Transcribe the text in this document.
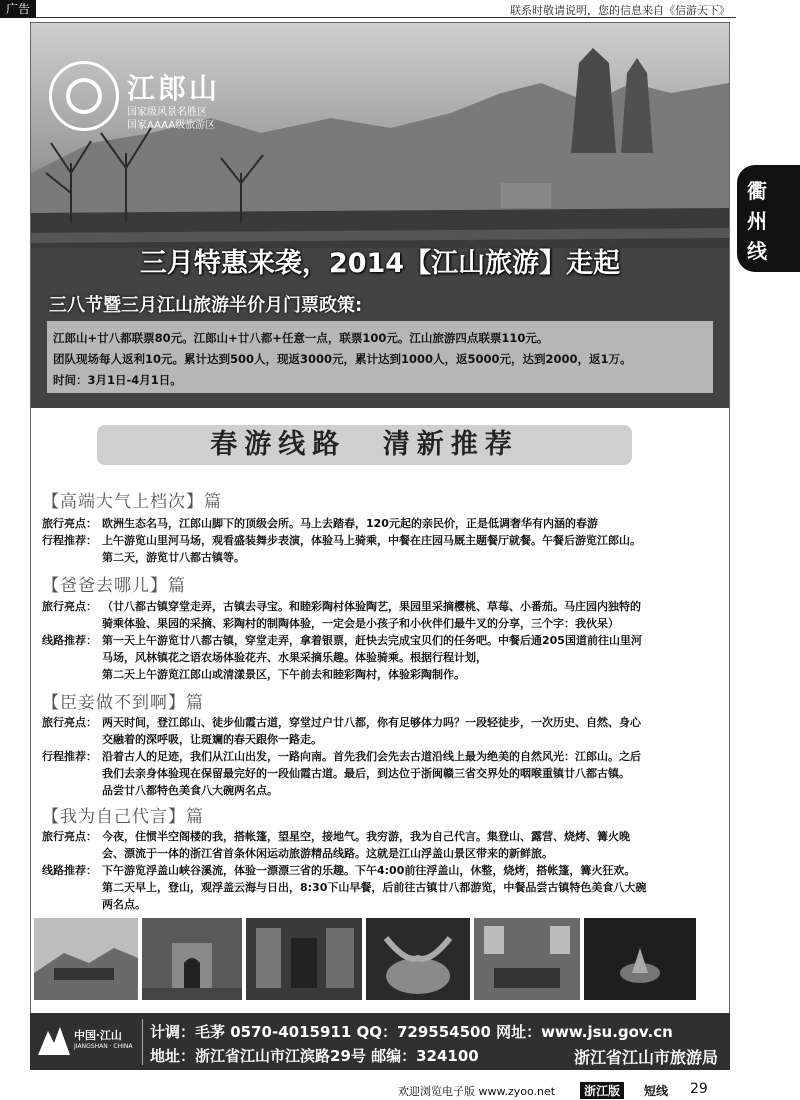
广告	联系时敬请说明，您的信息来自《信游天下》
衢
州
线
江郎山
国家级风景名胜区
国家AAAA级旅游区
三月特惠来袭，2014【江山旅游】走起
三八节暨三月江山旅游半价月门票政策:
江郎山+廿八都联票80元。江郎山+廿八都+任意一点，联票100元。江山旅游四点联票110元。
团队现场每人返利10元。累计达到500人，现返3000元，累计达到1000人，返5000元，达到2000，返1万。
时间：3月1日-4月1日。
春游线路 清新推荐
【高端大气上档次】篇
旅行亮点： 欧洲生态名马，江郎山脚下的顶级会所。马上去踏春，120元起的亲民价，正是低调奢华有内涵的春游
行程推荐： 上午游览山里河马场，观看盛装舞步表演，体验马上骑乘，中餐在庄园马厩主题餐厅就餐。午餐后游览江郎山。
第二天，游览廿八都古镇等。
【爸爸去哪儿】篇
旅行亮点： （廿八都古镇穿堂走弄，古镇去寻宝。和睦彩陶村体验陶艺，果园里采摘樱桃、草莓、小番茄。马庄园内独特的
骑乘体验、果园的采摘、彩陶村的制陶体验，一定会是小孩子和小伙伴们最牛叉的分享，三个字：我伙呆）
线路推荐： 第一天上午游览廿八都古镇，穿堂走弄，拿着银票，赶快去完成宝贝们的任务吧。中餐后通205国道前往山里河
马场，风林镇花之语农场体验花卉、水果采摘乐趣。体验骑乘。根据行程计划，
第二天上午游览江郎山或清漾景区，下午前去和睦彩陶村，体验彩陶制作。
【臣妾做不到啊】篇
旅行亮点： 两天时间，登江郎山、徒步仙霞古道，穿堂过户廿八都，你有足够体力吗？一段轻徒步，一次历史、自然、身心
交融着的深呼吸，让斑斓的春天跟你一路走。
行程推荐： 沿着古人的足迹，我们从江山出发，一路向南。首先我们会先去古道沿线上最为绝美的自然风光：江郎山。之后
我们去亲身体验现在保留最完好的一段仙霞古道。最后，到达位于浙闽赣三省交界处的咽喉重镇廿八都古镇。
品尝廿八都特色美食八大碗两名点。
【我为自己代言】篇
旅行亮点： 今夜，住惯半空阁楼的我，搭帐篷，望星空，接地气。我穷游，我为自己代言。集登山、露营、烧烤、篝火晚
会、漂流于一体的浙江省首条休闲运动旅游精品线路。这就是江山浮盖山景区带来的新鲜旅。
线路推荐： 下午游览浮盖山峡谷溪流，体验一漂漂三省的乐趣。下午4:00前往浮盖山，休整，烧烤，搭帐篷，篝火狂欢。
第二天早上，登山，观浮盖云海与日出，8:30下山早餐，后前往古镇廿八都游览，中餐品尝古镇特色美食八大碗
两名点。
中国·江山
JIANGSHAN · CHINA
计调：毛茅 0570-4015911 QQ：729554500 网址：www.jsu.gov.cn
地址：浙江省江山市江滨路29号 邮编：324100	浙江省江山市旅游局
欢迎浏览电子版 www.zyoo.net	浙江版	短线 29
